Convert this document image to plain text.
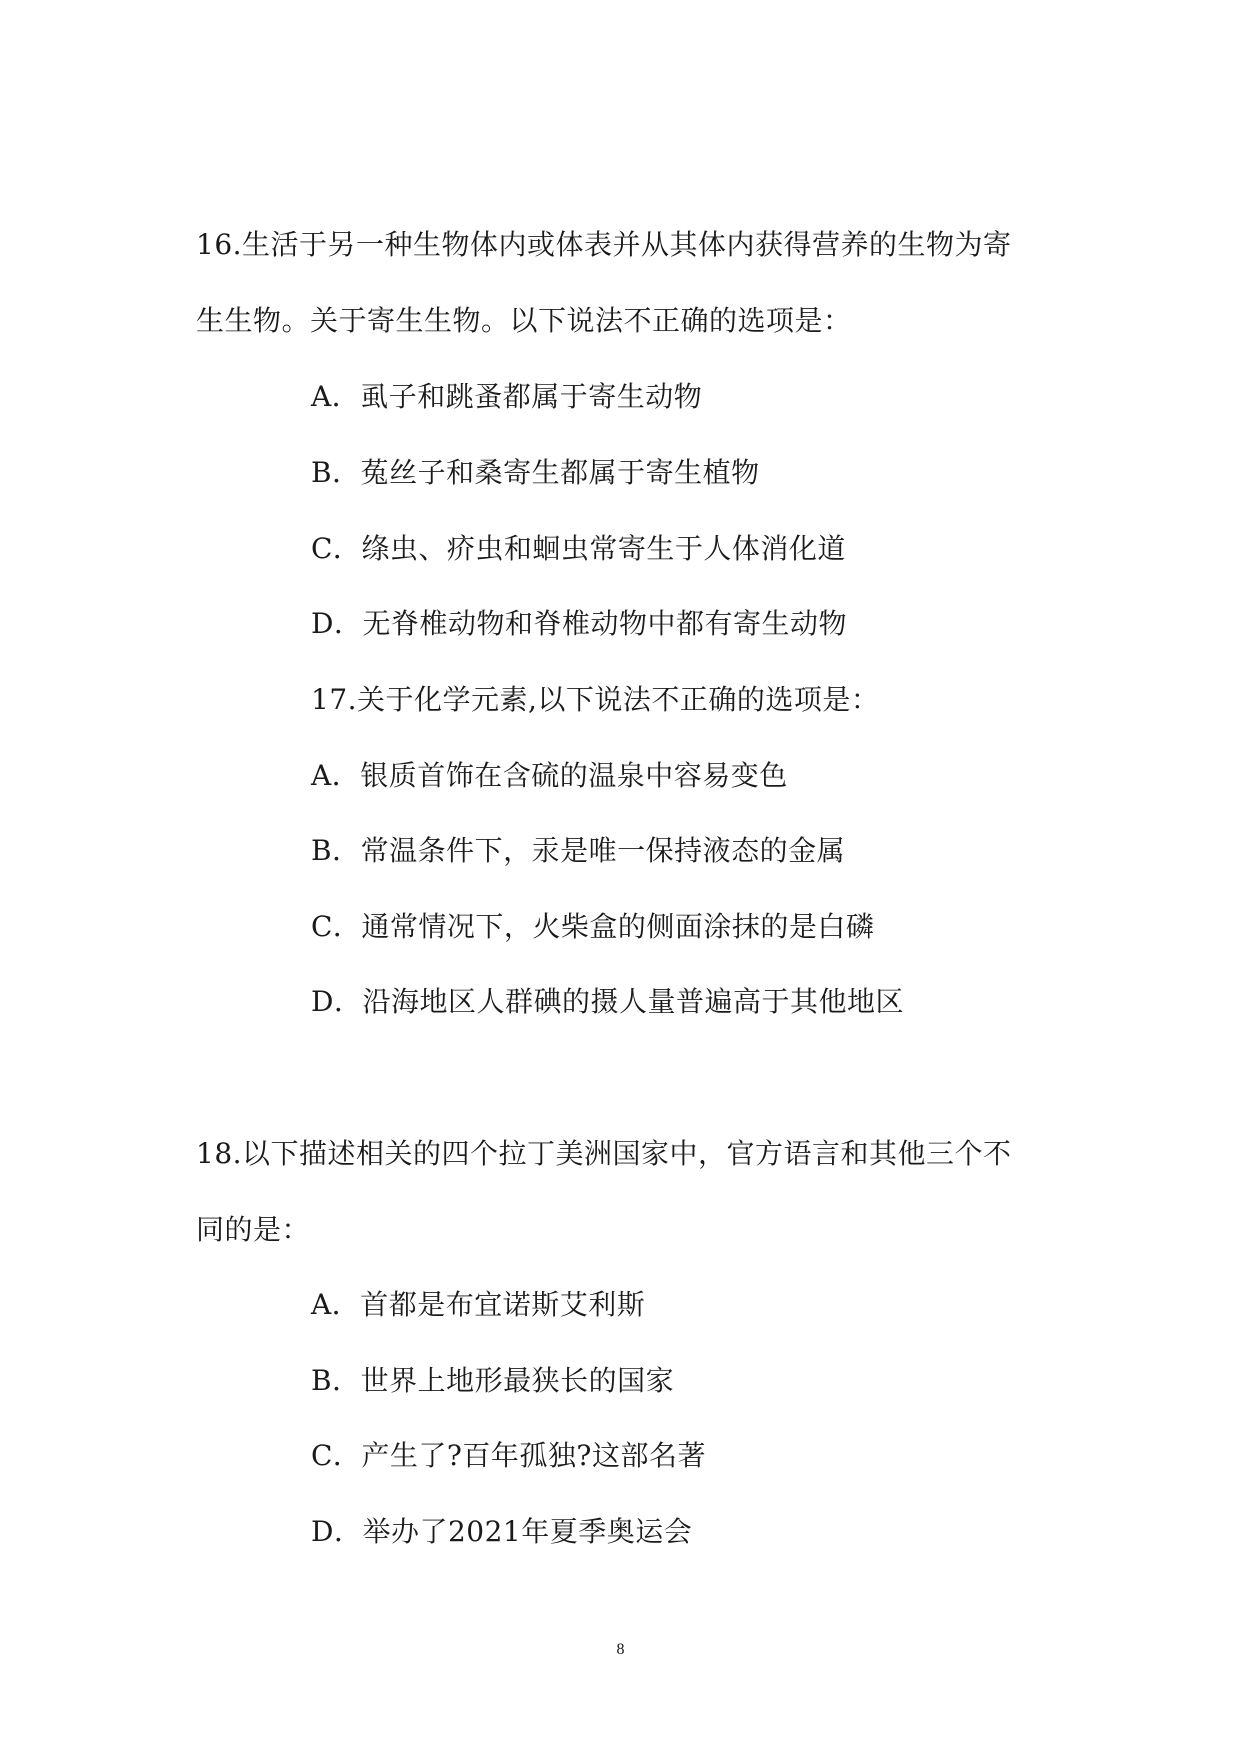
16.生活于另一种生物体内或体表并从其体内获得营养的生物为寄
生生物。关于寄生生物。以下说法不正确的选项是：
A．虱子和跳蚤都属于寄生动物
B．菟丝子和桑寄生都属于寄生植物
C．绦虫、疥虫和蛔虫常寄生于人体消化道
D．无脊椎动物和脊椎动物中都有寄生动物
17.关于化学元素,以下说法不正确的选项是：
A．银质首饰在含硫的温泉中容易变色
B．常温条件下，汞是唯一保持液态的金属
C．通常情况下，火柴盒的侧面涂抹的是白磷
D．沿海地区人群碘的摄人量普遍高于其他地区
18.以下描述相关的四个拉丁美洲国家中，官方语言和其他三个不
同的是：
A．首都是布宜诺斯艾利斯
B．世界上地形最狭长的国家
C．产生了?百年孤独?这部名著
D．举办了2021年夏季奥运会
8
